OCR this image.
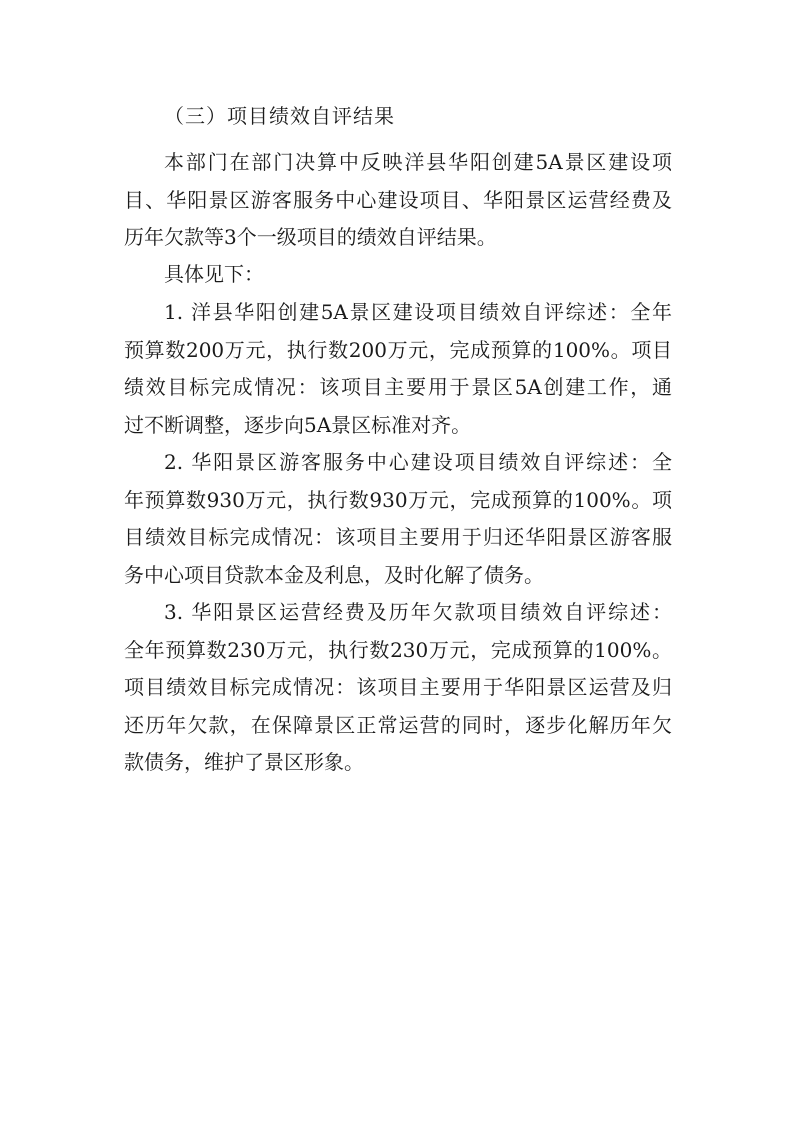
（三）项目绩效自评结果
本部门在部门决算中反映洋县华阳创建5A景区建设项
目、华阳景区游客服务中心建设项目、华阳景区运营经费及
历年欠款等3个一级项目的绩效自评结果。
具体见下：
1. 洋县华阳创建5A景区建设项目绩效自评综述：全年
预算数200万元，执行数200万元，完成预算的100%。项目
绩效目标完成情况：该项目主要用于景区5A创建工作，通
过不断调整，逐步向5A景区标准对齐。
2. 华阳景区游客服务中心建设项目绩效自评综述：全
年预算数930万元，执行数930万元，完成预算的100%。项
目绩效目标完成情况：该项目主要用于归还华阳景区游客服
务中心项目贷款本金及利息，及时化解了债务。
3. 华阳景区运营经费及历年欠款项目绩效自评综述：
全年预算数230万元，执行数230万元，完成预算的100%。
项目绩效目标完成情况：该项目主要用于华阳景区运营及归
还历年欠款，在保障景区正常运营的同时，逐步化解历年欠
款债务，维护了景区形象。
